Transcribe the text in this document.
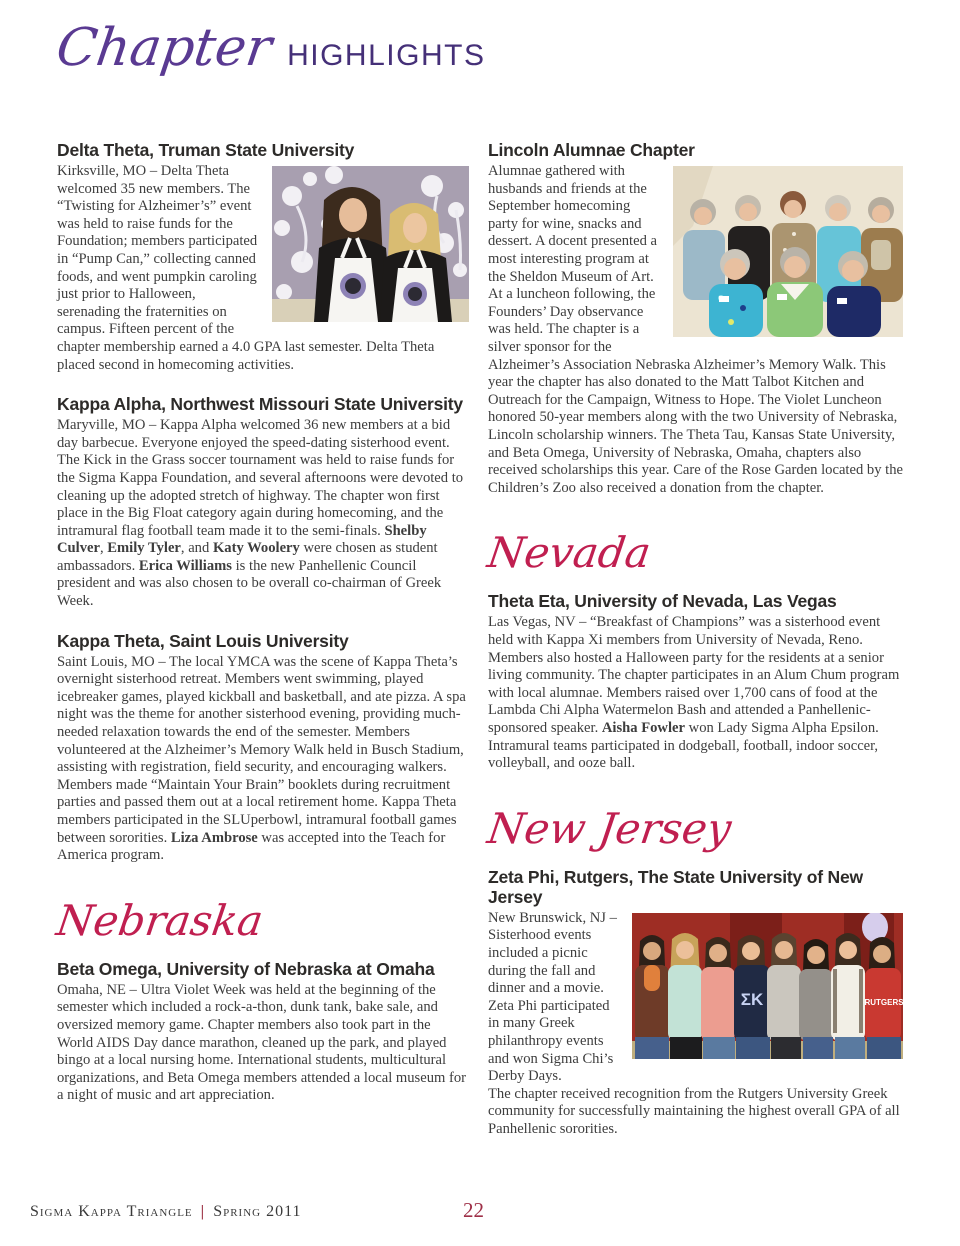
Chapter HIGHLIGHTS
Delta Theta, Truman State University

Kirksville, MO – Delta Theta welcomed 35 new members. The “Twisting for Alzheimer’s” event was held to raise funds for the Foundation; members participated in “Pump Can,” collecting canned foods, and went pumpkin caroling just prior to Halloween, serenading the fraternities on campus. Fifteen percent of the chapter membership earned a 4.0 GPA last semester. Delta Theta placed second in homecoming activities.

Kappa Alpha, Northwest Missouri State University

Maryville, MO – Kappa Alpha welcomed 36 new members at a bid day barbecue. Everyone enjoyed the speed-dating sisterhood event. The Kick in the Grass soccer tournament was held to raise funds for the Sigma Kappa Foundation, and several afternoons were devoted to cleaning up the adopted stretch of highway. The chapter won first place in the Big Float category again during homecoming, and the intramural flag football team made it to the semi-finals. Shelby Culver, Emily Tyler, and Katy Woolery were chosen as student ambassadors. Erica Williams is the new Panhellenic Council president and was also chosen to be overall co-chairman of Greek Week.

Kappa Theta, Saint Louis University

Saint Louis, MO – The local YMCA was the scene of Kappa Theta’s overnight sisterhood retreat. Members went swimming, played icebreaker games, played kickball and basketball, and ate pizza. A spa night was the theme for another sisterhood evening, providing much-needed relaxation towards the end of the semester. Members volunteered at the Alzheimer’s Memory Walk held in Busch Stadium, assisting with registration, field security, and encouraging walkers. Members made “Maintain Your Brain” booklets during recruitment parties and passed them out at a local retirement home. Kappa Theta members participated in the SLUperbowl, intramural football games between sororities. Liza Ambrose was accepted into the Teach for America program.

Nebraska
Beta Omega, University of Nebraska at Omaha

Omaha, NE – Ultra Violet Week was held at the beginning of the semester which included a rock-a-thon, dunk tank, bake sale, and oversized memory game. Chapter members also took part in the World AIDS Day dance marathon, cleaned up the park, and played bingo at a local nursing home. International students, multicultural organizations, and Beta Omega members attended a local museum for a night of music and art appreciation.

Lincoln Alumnae Chapter

Alumnae gathered with husbands and friends at the September homecoming party for wine, snacks and dessert. A docent presented a most interesting program at the Sheldon Museum of Art. At a luncheon following, the Founders’ Day observance was held. The chapter is a silver sponsor for the Alzheimer’s Association Nebraska Alzheimer’s Memory Walk. This year the chapter has also donated to the Matt Talbot Kitchen and Outreach for the Campaign, Witness to Hope. The Violet Luncheon honored 50-year members along with the two University of Nebraska, Lincoln scholarship winners. The Theta Tau, Kansas State University, and Beta Omega, University of Nebraska, Omaha, chapters also received scholarships this year. Care of the Rose Garden located by the Children’s Zoo also received a donation from the chapter.

Nevada
Theta Eta, University of Nevada, Las Vegas

Las Vegas, NV – “Breakfast of Champions” was a sisterhood event held with Kappa Xi members from University of Nevada, Reno. Members also hosted a Halloween party for the residents at a senior living community. The chapter participates in an Alum Chum program with local alumnae. Members raised over 1,700 cans of food at the Lambda Chi Alpha Watermelon Bash and attended a Panhellenic-sponsored speaker. Aisha Fowler won Lady Sigma Alpha Epsilon. Intramural teams participated in dodgeball, football, indoor soccer, volleyball, and ooze ball.

New Jersey
Zeta Phi, Rutgers, The State University of New Jersey
ΣΚ	RUTGERS

New Brunswick, NJ – Sisterhood events included a picnic during the fall and dinner and a movie. Zeta Phi participated in many Greek philanthropy events and won Sigma Chi’s Derby Days.

The chapter received recognition from the Rutgers University Greek community for successfully maintaining the highest overall GPA of all Panhellenic sororities.

Sigma Kappa Triangle | Spring 2011	22
